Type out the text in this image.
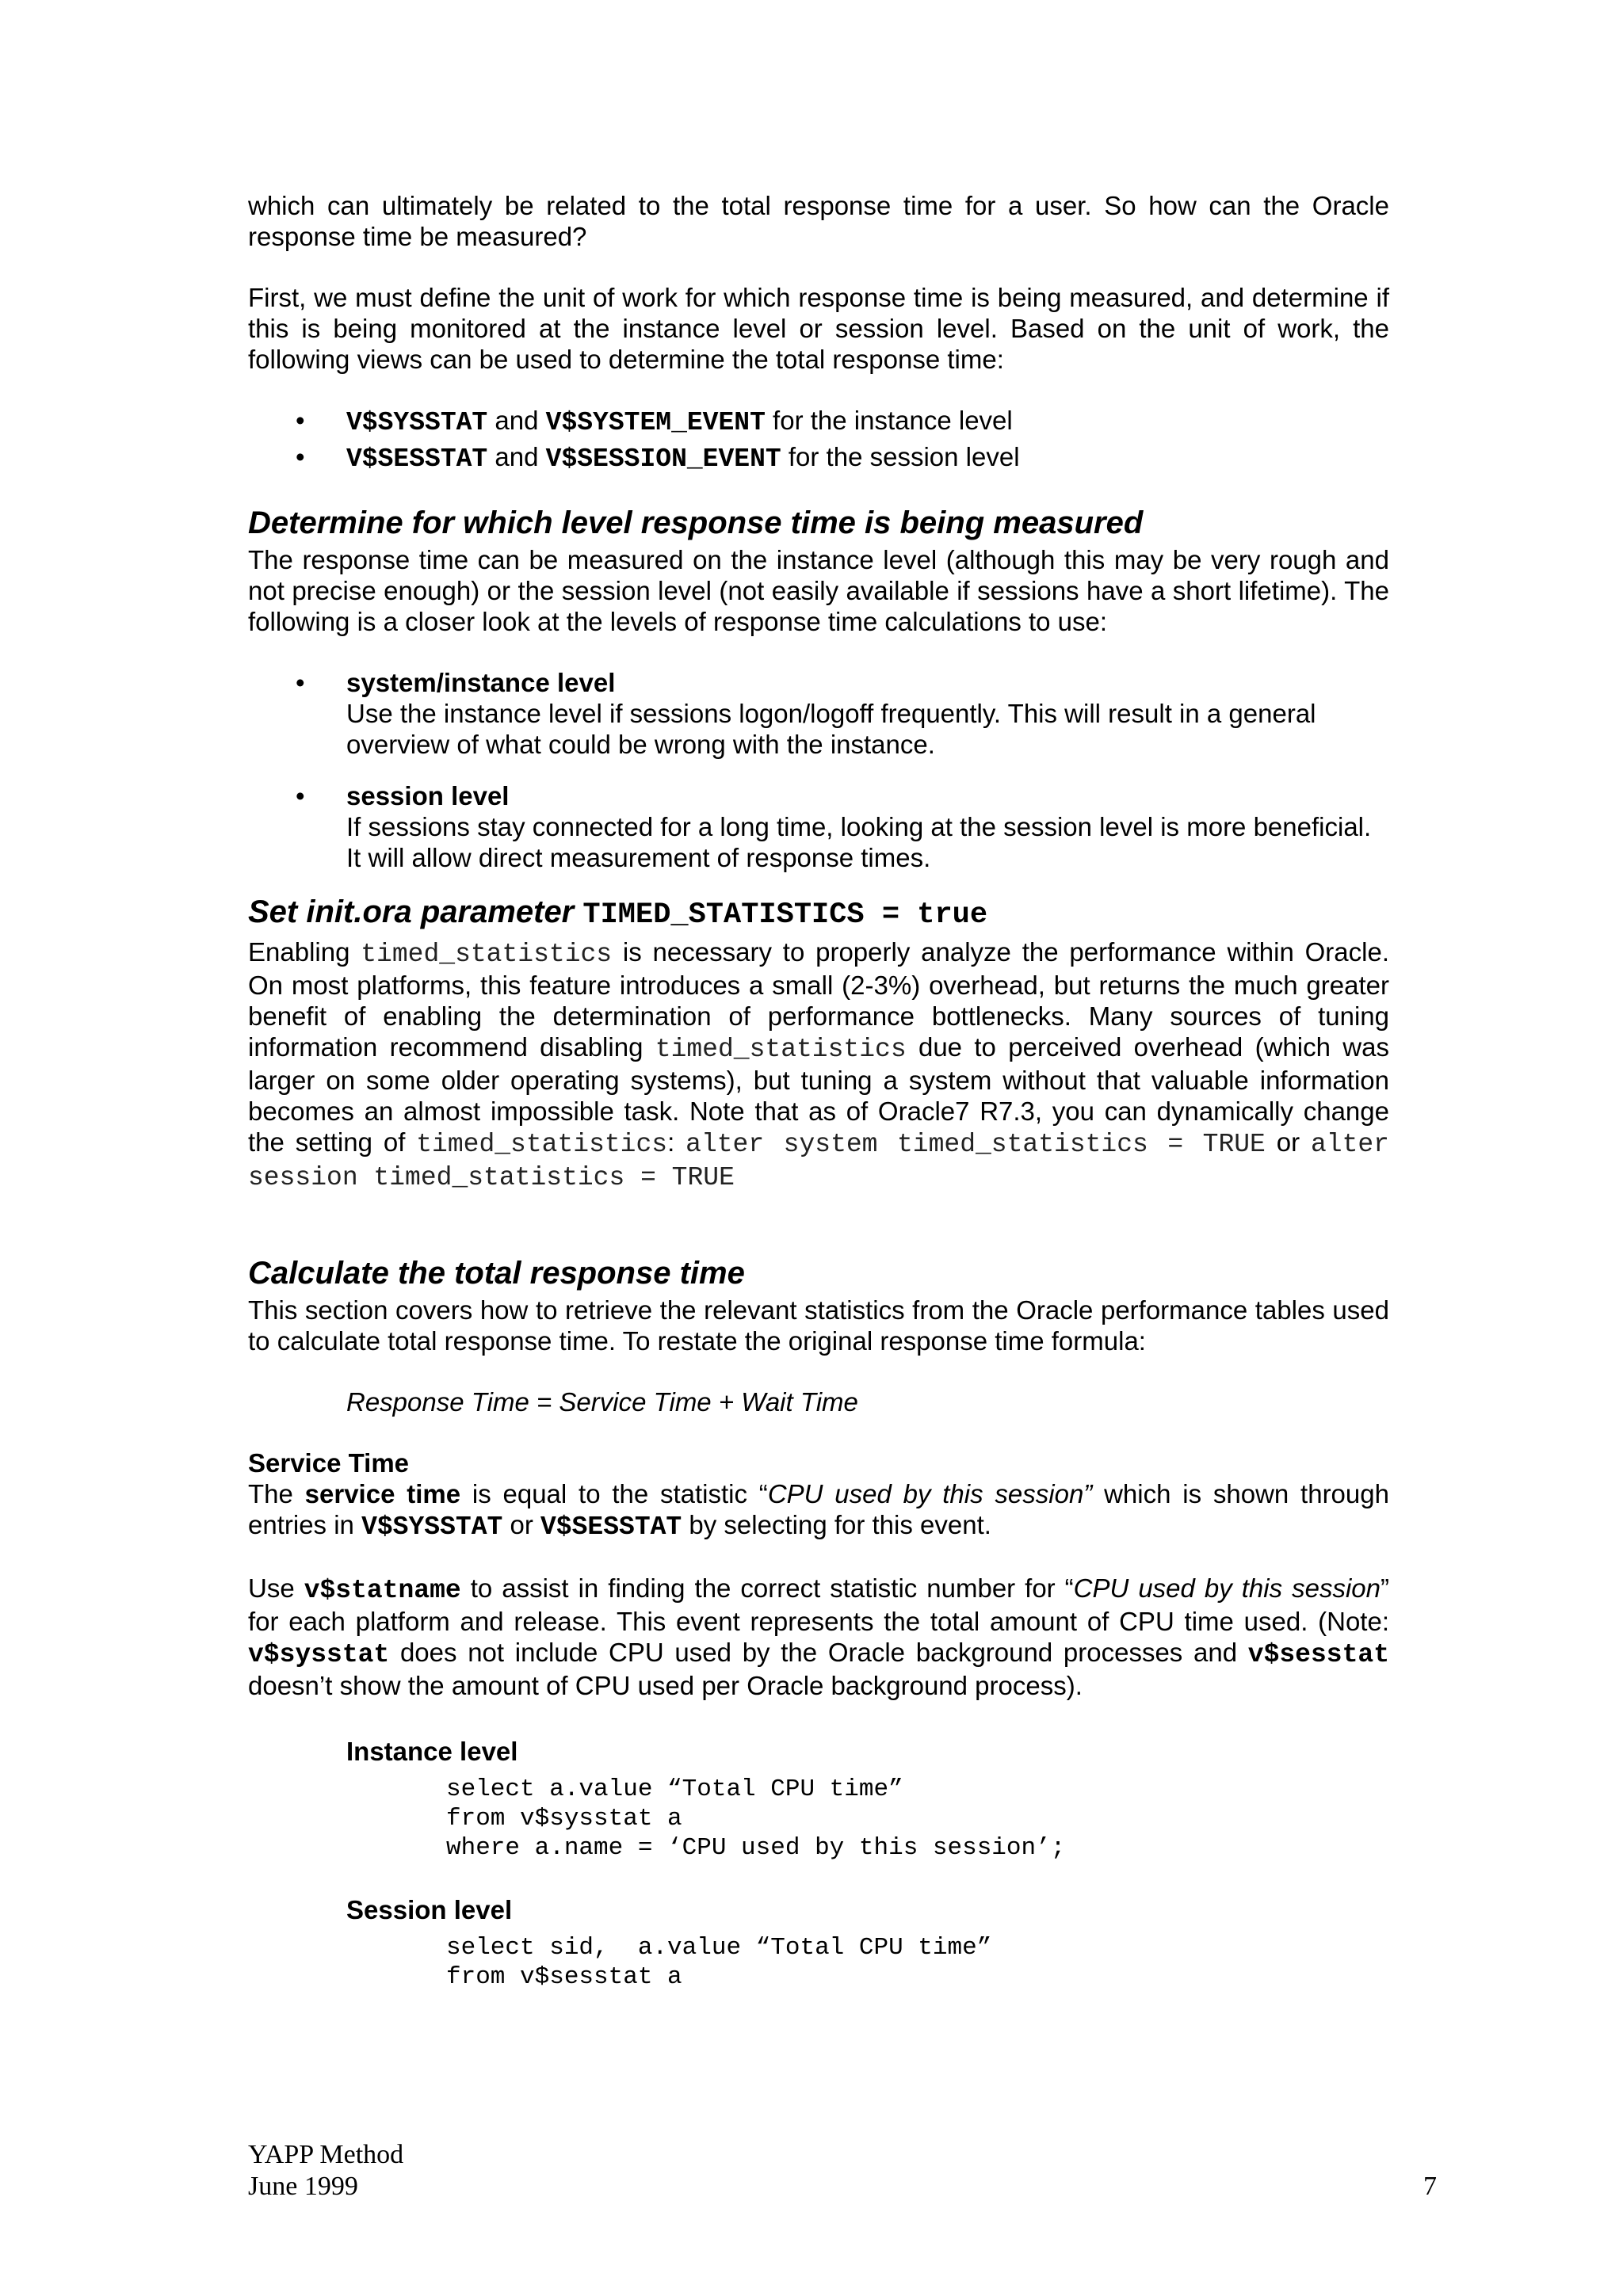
which can ultimately be related to the total response time for a user. So how can the Oracle response time be measured?

First, we must define the unit of work for which response time is being measured, and determine if this is being monitored at the instance level or session level. Based on the unit of work, the following views can be used to determine the total response time:

• V$SYSSTAT and V$SYSTEM_EVENT for the instance level
• V$SESSTAT and V$SESSION_EVENT for the session level
Determine for which level response time is being measured

The response time can be measured on the instance level (although this may be very rough and not precise enough) or the session level (not easily available if sessions have a short lifetime). The following is a closer look at the levels of response time calculations to use:

• system/instance level
Use the instance level if sessions logon/logoff frequently. This will result in a general overview of what could be wrong with the instance.
• session level
If sessions stay connected for a long time, looking at the session level is more beneficial. It will allow direct measurement of response times.
Set init.ora parameter TIMED_STATISTICS = true

Enabling timed_statistics is necessary to properly analyze the performance within Oracle. On most platforms, this feature introduces a small (2-3%) overhead, but returns the much greater benefit of enabling the determination of performance bottlenecks. Many sources of tuning information recommend disabling timed_statistics due to perceived overhead (which was larger on some older operating systems), but tuning a system without that valuable information becomes an almost impossible task. Note that as of Oracle7 R7.3, you can dynamically change the setting of timed_statistics: alter system timed_statistics = TRUE or alter session timed_statistics = TRUE

Calculate the total response time

This section covers how to retrieve the relevant statistics from the Oracle performance tables used to calculate total response time. To restate the original response time formula:

Response Time = Service Time + Wait Time
Service Time

The service time is equal to the statistic “CPU used by this session” which is shown through entries in V$SYSSTAT or V$SESSTAT by selecting for this event.

Use v$statname to assist in finding the correct statistic number for “CPU used by this session” for each platform and release. This event represents the total amount of CPU time used. (Note: v$sysstat does not include CPU used by the Oracle background processes and v$sesstat doesn’t show the amount of CPU used per Oracle background process).

Instance level
select a.value “Total CPU time”
from v$sysstat a
where a.name = ‘CPU used by this session’;
Session level
select sid,  a.value “Total CPU time”
from v$sesstat a
YAPP Method
June 1999	7
